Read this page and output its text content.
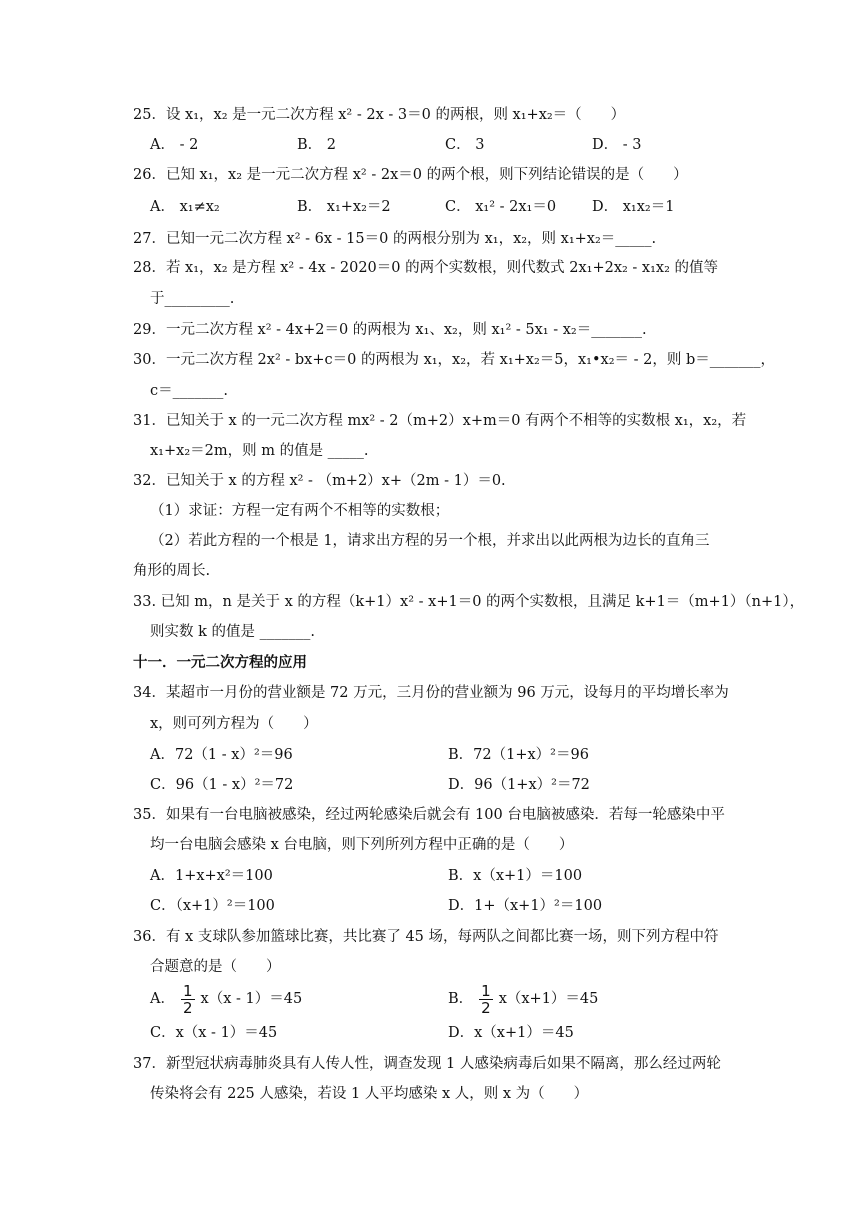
25．设 x₁，x₂ 是一元二次方程 x² - 2x - 3＝0 的两根，则 x₁+x₂＝（　　）
A． - 2	B． 2	C． 3	D． - 3
26．已知 x₁，x₂ 是一元二次方程 x² - 2x＝0 的两个根，则下列结论错误的是（　　）
A． x₁≠x₂	B． x₁+x₂＝2	C． x₁² - 2x₁＝0 D． x₁x₂＝1
27．已知一元二次方程 x² - 6x - 15＝0 的两根分别为 x₁，x₂，则 x₁+x₂＝_____.
28．若 x₁，x₂ 是方程 x² - 4x - 2020＝0 的两个实数根，则代数式 2x₁+2x₂ - x₁x₂ 的值等
于_________.
29．一元二次方程 x² - 4x+2＝0 的两根为 x₁、x₂，则 x₁² - 5x₁ - x₂＝_______.
30．一元二次方程 2x² - bx+c＝0 的两根为 x₁，x₂，若 x₁+x₂＝5，x₁•x₂＝ - 2，则 b＝_______，
c＝_______.
31．已知关于 x 的一元二次方程 mx² - 2（m+2）x+m＝0 有两个不相等的实数根 x₁，x₂，若
x₁+x₂＝2m，则 m 的值是 _____.
32．已知关于 x 的方程 x² - （m+2）x+（2m - 1）＝0.
（1）求证：方程一定有两个不相等的实数根；
（2）若此方程的一个根是 1，请求出方程的另一个根，并求出以此两根为边长的直角三
角形的周长.
33. 已知 m，n 是关于 x 的方程（k+1）x² - x+1＝0 的两个实数根，且满足 k+1＝（m+1）（n+1），
则实数 k 的值是 _______.
十一．一元二次方程的应用
34．某超市一月份的营业额是 72 万元，三月份的营业额为 96 万元，设每月的平均增长率为
x，则可列方程为（　　）
A．72（1 - x）²＝96	B．72（1+x）²＝96
C．96（1 - x）²＝72	D．96（1+x）²＝72
35．如果有一台电脑被感染，经过两轮感染后就会有 100 台电脑被感染．若每一轮感染中平
均一台电脑会感染 x 台电脑，则下列所列方程中正确的是（　　）
A．1+x+x²＝100	B．x（x+1）＝100
C．（x+1）²＝100	D．1+（x+1）²＝100
36．有 x 支球队参加篮球比赛，共比赛了 45 场，每两队之间都比赛一场，则下列方程中符
合题意的是（　　）
A． $\frac{1}{2} x(x - 1)=45$	B． $\frac{1}{2} x(x+1)=45$
C．x（x - 1）＝45	D．x（x+1）＝45
37．新型冠状病毒肺炎具有人传人性，调查发现 1 人感染病毒后如果不隔离，那么经过两轮
传染将会有 225 人感染，若设 1 人平均感染 x 人，则 x 为（　　）
